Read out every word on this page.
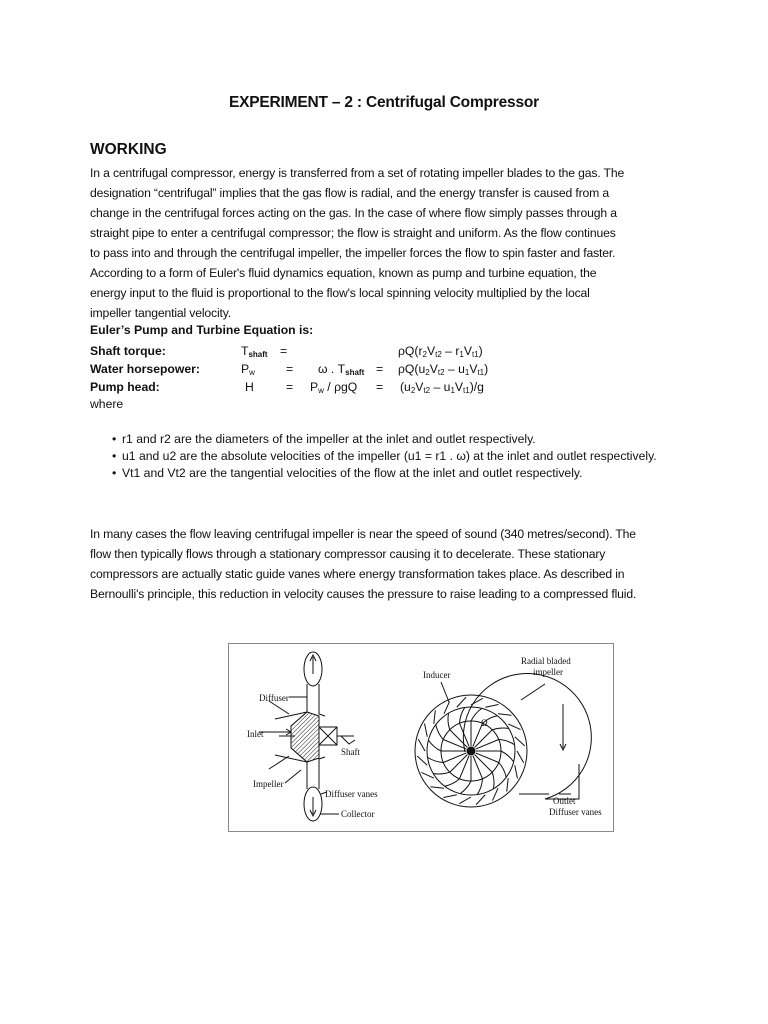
EXPERIMENT – 2 : Centrifugal Compressor
WORKING
In a centrifugal compressor, energy is transferred from a set of rotating impeller blades to the gas. The
designation “centrifugal” implies that the gas flow is radial, and the energy transfer is caused from a
change in the centrifugal forces acting on the gas. In the case of where flow simply passes through a
straight pipe to enter a centrifugal compressor; the flow is straight and uniform. As the flow continues
to pass into and through the centrifugal impeller, the impeller forces the flow to spin faster and faster.
According to a form of Euler's fluid dynamics equation, known as pump and turbine equation, the
energy input to the fluid is proportional to the flow's local spinning velocity multiplied by the local
impeller tangential velocity.
Euler’s Pump and Turbine Equation is:
Shaft torque:	$T_{shaft}$ =	$\rho Q(r_2V_{t2} - r_1V_{t1})$
Water horsepower:	$P_w$	= ω . $T_{shaft} = \rho Q(u_2V_{t2} - u_1V_{t1})$
Pump head:	H	= $P_w / \rho gQ = (u_2V_{t2} - u_1V_{t1})/g$
where
• r1 and r2 are the diameters of the impeller at the inlet and outlet respectively.
• u1 and u2 are the absolute velocities of the impeller (u1 = r1 . ω) at the inlet and outlet respectively.
• Vt1 and Vt2 are the tangential velocities of the flow at the inlet and outlet respectively.
In many cases the flow leaving centrifugal impeller is near the speed of sound (340 metres/second). The
flow then typically flows through a stationary compressor causing it to decelerate. These stationary
compressors are actually static guide vanes where energy transformation takes place. As described in
Bernoulli's principle, this reduction in velocity causes the pressure to raise leading to a compressed fluid.
Diffuser
Inlet
Shaft
Impeller
Diffuser vanes
Collector
Inducer
Radial bladed
impeller
Outlet
Diffuser vanes
Ω
